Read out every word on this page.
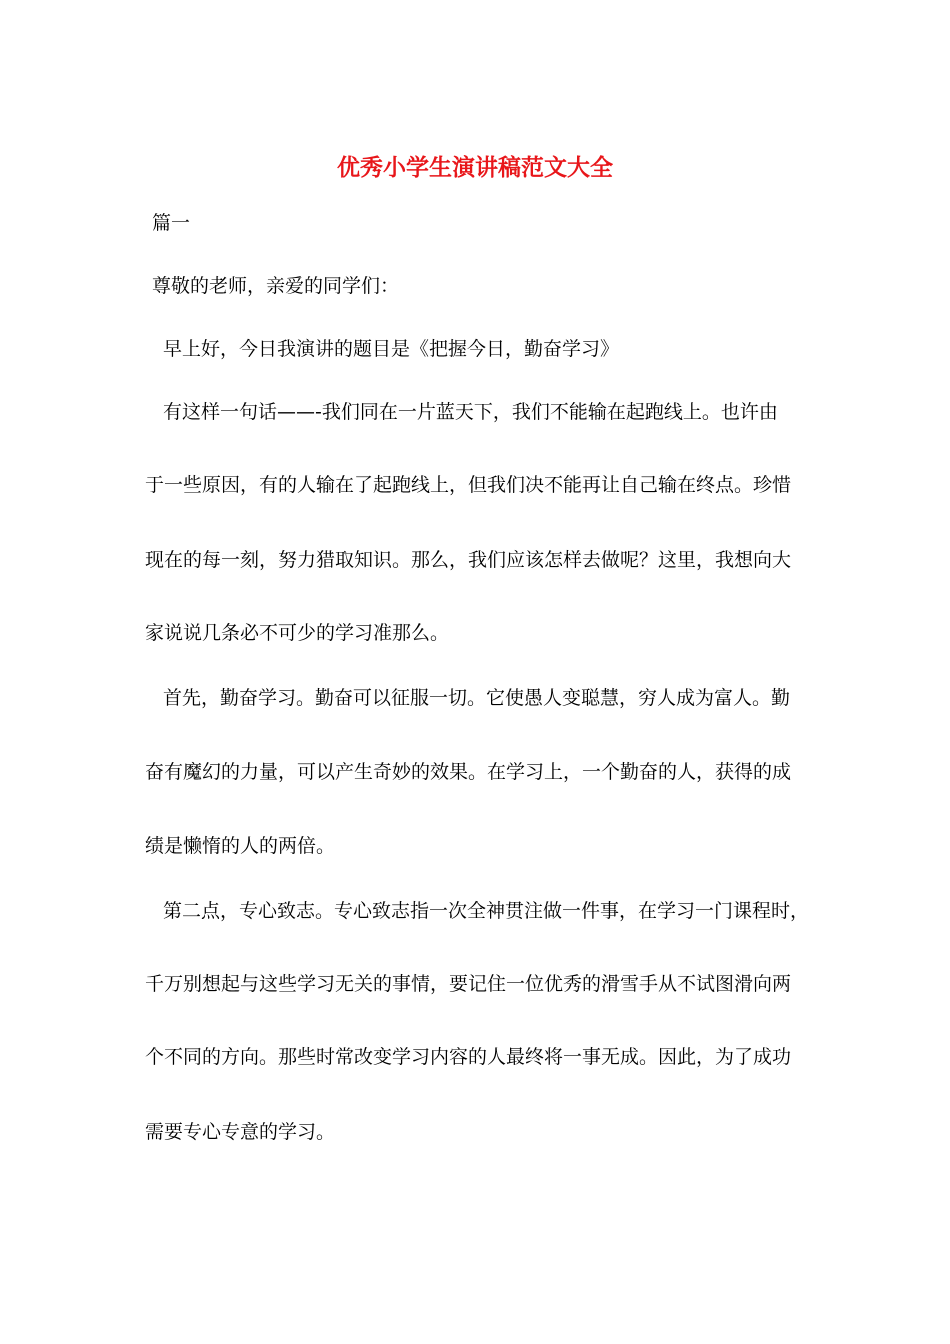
优秀小学生演讲稿范文大全

篇一

尊敬的老师，亲爱的同学们：

早上好，今日我演讲的题目是《把握今日，勤奋学习》

有这样一句话——-我们同在一片蓝天下，我们不能输在起跑线上。也许由

于一些原因，有的人输在了起跑线上，但我们决不能再让自己输在终点。珍惜

现在的每一刻，努力猎取知识。那么，我们应该怎样去做呢？这里，我想向大

家说说几条必不可少的学习准那么。

首先，勤奋学习。勤奋可以征服一切。它使愚人变聪慧，穷人成为富人。勤

奋有魔幻的力量，可以产生奇妙的效果。在学习上，一个勤奋的人，获得的成

绩是懒惰的人的两倍。

第二点，专心致志。专心致志指一次全神贯注做一件事，在学习一门课程时，

千万别想起与这些学习无关的事情，要记住一位优秀的滑雪手从不试图滑向两

个不同的方向。那些时常改变学习内容的人最终将一事无成。因此，为了成功

需要专心专意的学习。
